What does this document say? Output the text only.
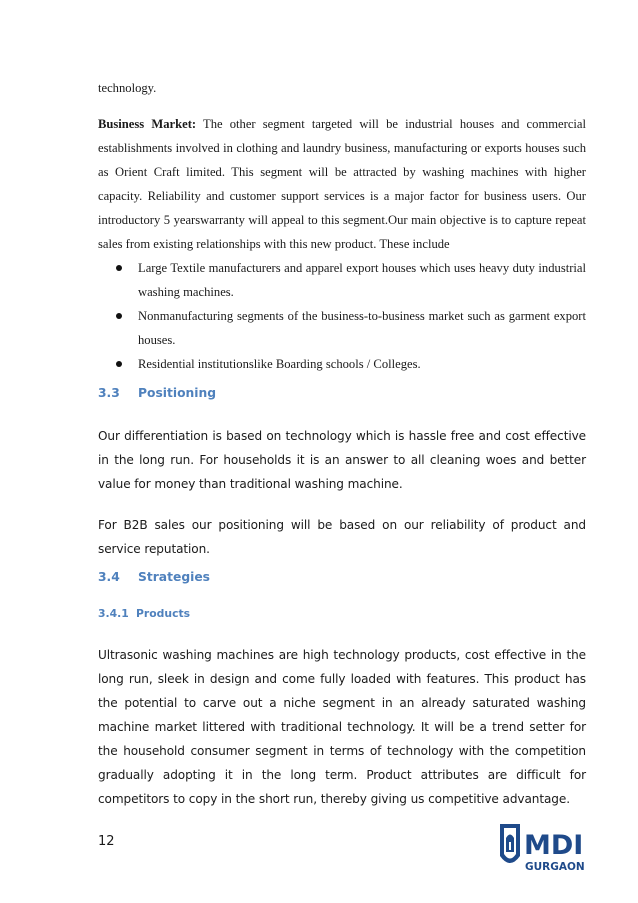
technology.

Business Market: The other segment targeted will be industrial houses and commercial establishments involved in clothing and laundry business, manufacturing or exports houses such as Orient Craft limited. This segment will be attracted by washing machines with higher capacity. Reliability and customer support services is a major factor for business users. Our introductory 5 yearswarranty will appeal to this segment.Our main objective is to capture repeat sales from existing relationships with this new product. These include

Large Textile manufacturers and apparel export houses which uses heavy duty industrial washing machines.
Nonmanufacturing segments of the business-to-business market such as garment export houses.
Residential institutionslike Boarding schools / Colleges.
3.3 Positioning

Our differentiation is based on technology which is hassle free and cost effective in the long run. For households it is an answer to all cleaning woes and better value for money than traditional washing machine.

For B2B sales our positioning will be based on our reliability of product and service reputation.

3.4 Strategies
3.4.1 Products

Ultrasonic washing machines are high technology products, cost effective in the long run, sleek in design and come fully loaded with features. This product has the potential to carve out a niche segment in an already saturated washing machine market littered with traditional technology. It will be a trend setter for the household consumer segment in terms of technology with the competition gradually adopting it in the long term. Product attributes are difficult for competitors to copy in the short run, thereby giving us competitive advantage.

12	MDI
GURGAON
